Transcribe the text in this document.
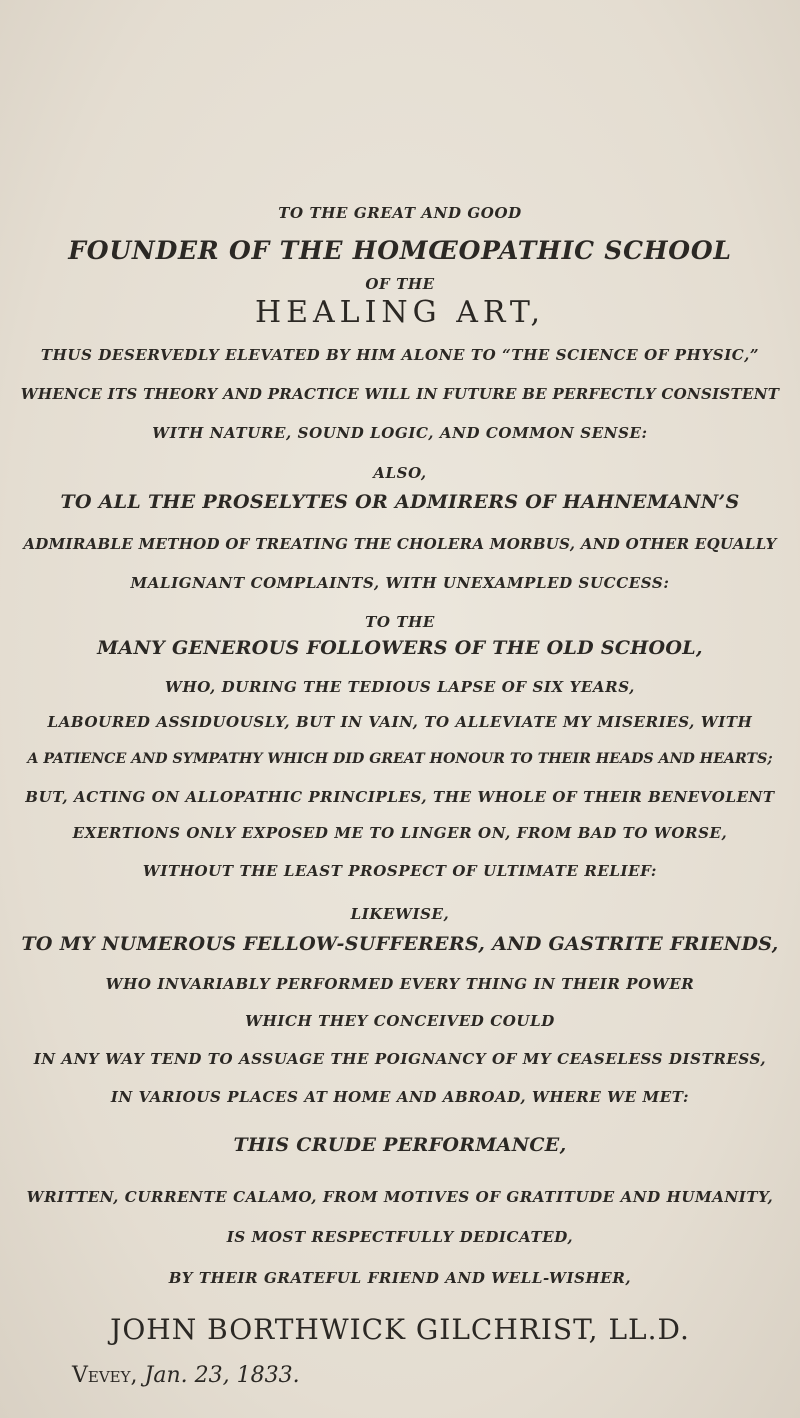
TO THE GREAT AND GOOD
FOUNDER OF THE HOMŒOPATHIC SCHOOL
OF THE
HEALING ART,
THUS DESERVEDLY ELEVATED BY HIM ALONE TO “THE SCIENCE OF PHYSIC,”
WHENCE ITS THEORY AND PRACTICE WILL IN FUTURE BE PERFECTLY CONSISTENT
WITH NATURE, SOUND LOGIC, AND COMMON SENSE:
ALSO,
TO ALL THE PROSELYTES OR ADMIRERS OF HAHNEMANN’S
ADMIRABLE METHOD OF TREATING THE CHOLERA MORBUS, AND OTHER EQUALLY
MALIGNANT COMPLAINTS, WITH UNEXAMPLED SUCCESS:
TO THE
MANY GENEROUS FOLLOWERS OF THE OLD SCHOOL,
WHO, DURING THE TEDIOUS LAPSE OF SIX YEARS,
LABOURED ASSIDUOUSLY, BUT IN VAIN, TO ALLEVIATE MY MISERIES, WITH
A PATIENCE AND SYMPATHY WHICH DID GREAT HONOUR TO THEIR HEADS AND HEARTS;
BUT, ACTING ON ALLOPATHIC PRINCIPLES, THE WHOLE OF THEIR BENEVOLENT
EXERTIONS ONLY EXPOSED ME TO LINGER ON, FROM BAD TO WORSE,
WITHOUT THE LEAST PROSPECT OF ULTIMATE RELIEF:
LIKEWISE,
TO MY NUMEROUS FELLOW-SUFFERERS, AND GASTRITE FRIENDS,
WHO INVARIABLY PERFORMED EVERY THING IN THEIR POWER
WHICH THEY CONCEIVED COULD
IN ANY WAY TEND TO ASSUAGE THE POIGNANCY OF MY CEASELESS DISTRESS,
IN VARIOUS PLACES AT HOME AND ABROAD, WHERE WE MET:
THIS CRUDE PERFORMANCE,
WRITTEN, CURRENTE CALAMO, FROM MOTIVES OF GRATITUDE AND HUMANITY,
IS MOST RESPECTFULLY DEDICATED,
BY THEIR GRATEFUL FRIEND AND WELL-WISHER,
JOHN BORTHWICK GILCHRIST, LL.D.
Vevey, Jan. 23, 1833.
